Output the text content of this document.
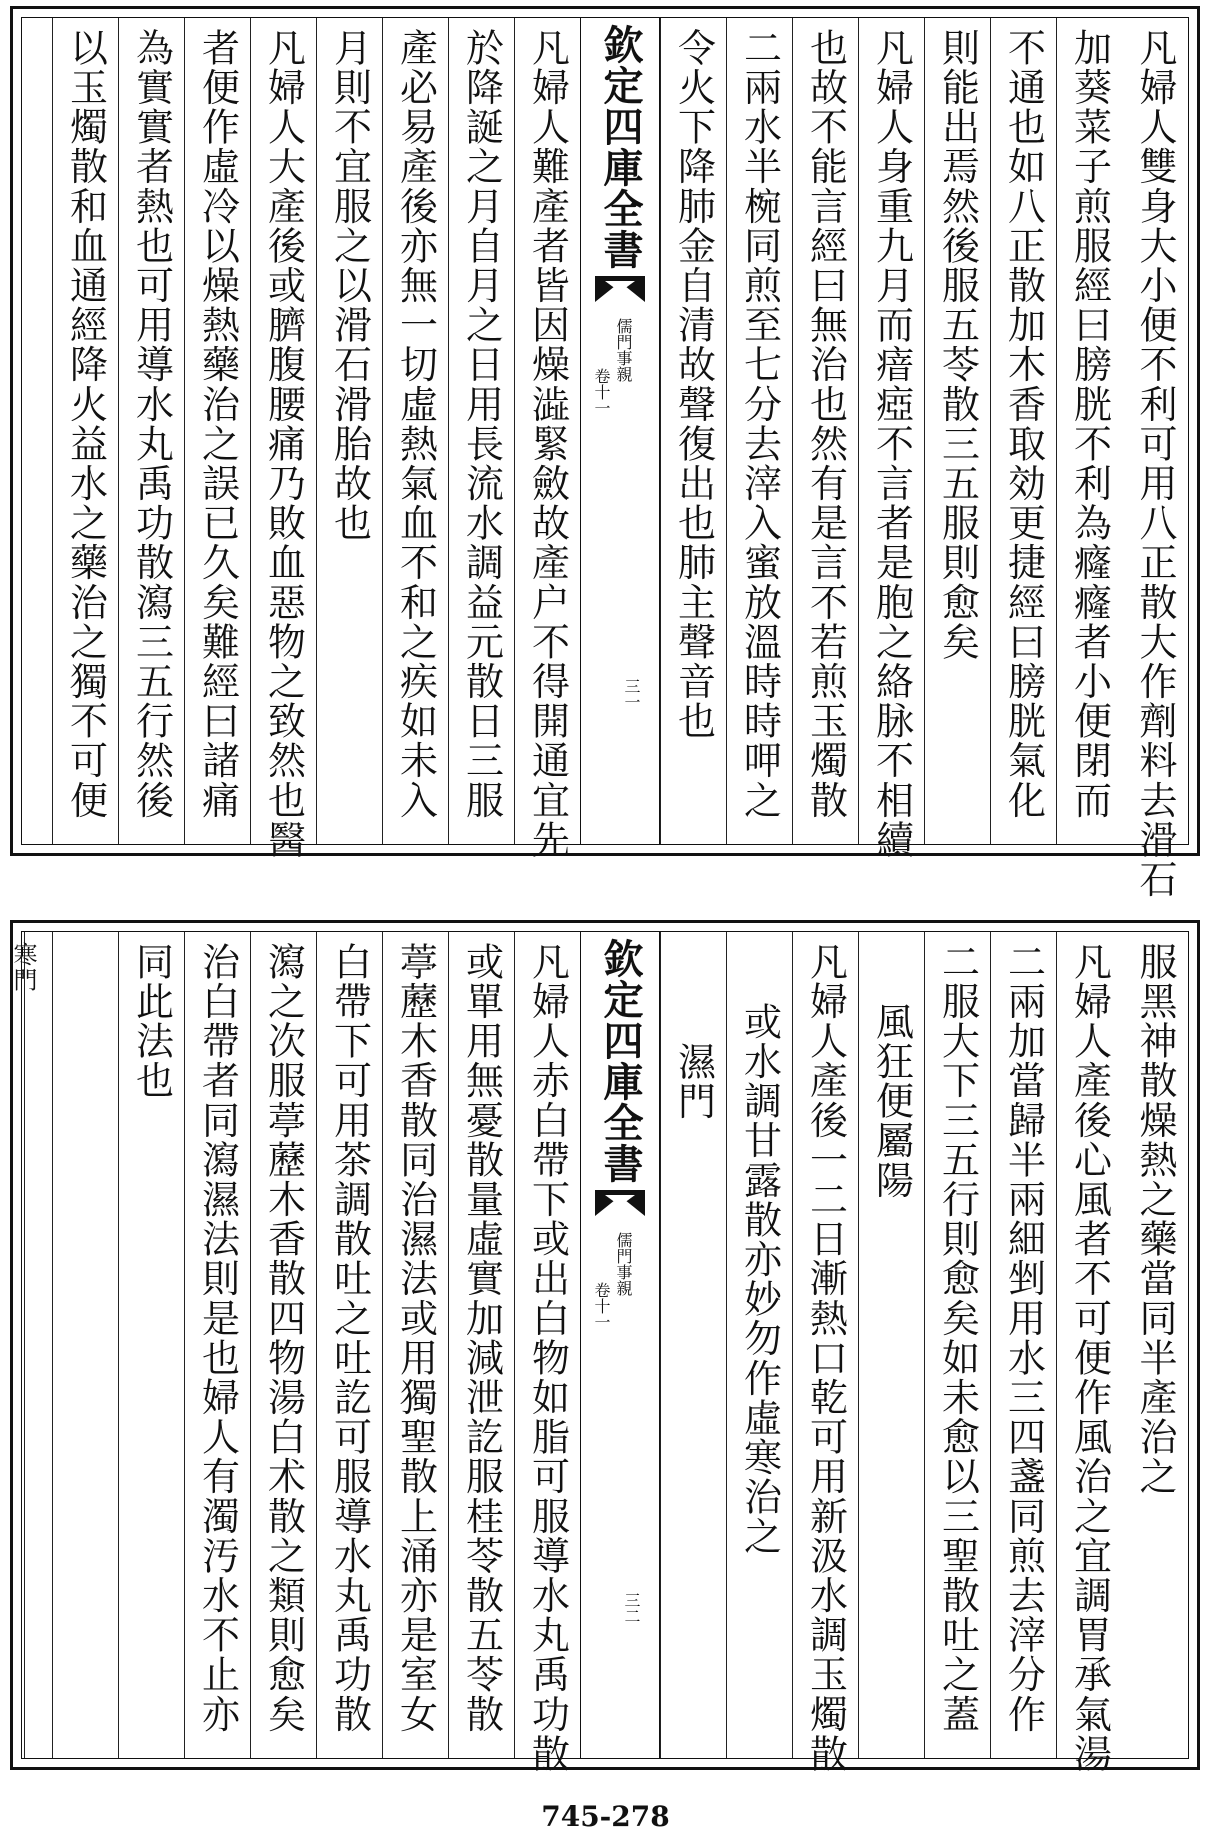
凡婦人雙身大小便不利可用八正散大作劑料去滑石
加葵菜子煎服經曰膀胱不利為癃癃者小便閉而
不通也如八正散加木香取効更捷經曰膀胱氣化
則能出焉然後服五苓散三五服則愈矣
凡婦人身重九月而瘖瘂不言者是胞之絡脉不相續
也故不能言經曰無治也然有是言不若煎玉燭散
二兩水半椀同煎至七分去滓入蜜放溫時時呷之
令火下降肺金自清故聲復出也肺主聲音也
欽定四庫全書
儒門事親
卷十一
三一
凡婦人難產者皆因燥澁緊斂故產户不得開通宜先
於降誕之月自月之日用長流水調益元散日三服
產必易產後亦無一切虛熱氣血不和之疾如未入
月則不宜服之以滑石滑胎故也
凡婦人大產後或臍腹腰痛乃敗血惡物之致然也醫
者便作虛冷以燥熱藥治之誤已久矣難經曰諸痛
為實實者熱也可用導水丸禹功散瀉三五行然後
以玉燭散和血通經降火益水之藥治之獨不可便
服黑神散燥熱之藥當同半產治之
凡婦人產後心風者不可便作風治之宜調胃承氣湯
二兩加當歸半兩細剉用水三四盞同煎去滓分作
二服大下三五行則愈矣如未愈以三聖散吐之蓋
風狂便屬陽
凡婦人產後一二日漸熱口乾可用新汲水調玉燭散
或水調甘露散亦妙勿作虛寒治之
濕門
欽定四庫全書
儒門事親
卷十一
三二
凡婦人赤白帶下或出白物如脂可服導水丸禹功散
或單用無憂散量虛實加減泄訖服桂苓散五苓散
葶藶木香散同治濕法或用獨聖散上涌亦是室女
白帶下可用茶調散吐之吐訖可服導水丸禹功散
瀉之次服葶藶木香散四物湯白术散之類則愈矣
治白帶者同瀉濕法則是也婦人有濁汚水不止亦
同此法也
寒門
745-278
